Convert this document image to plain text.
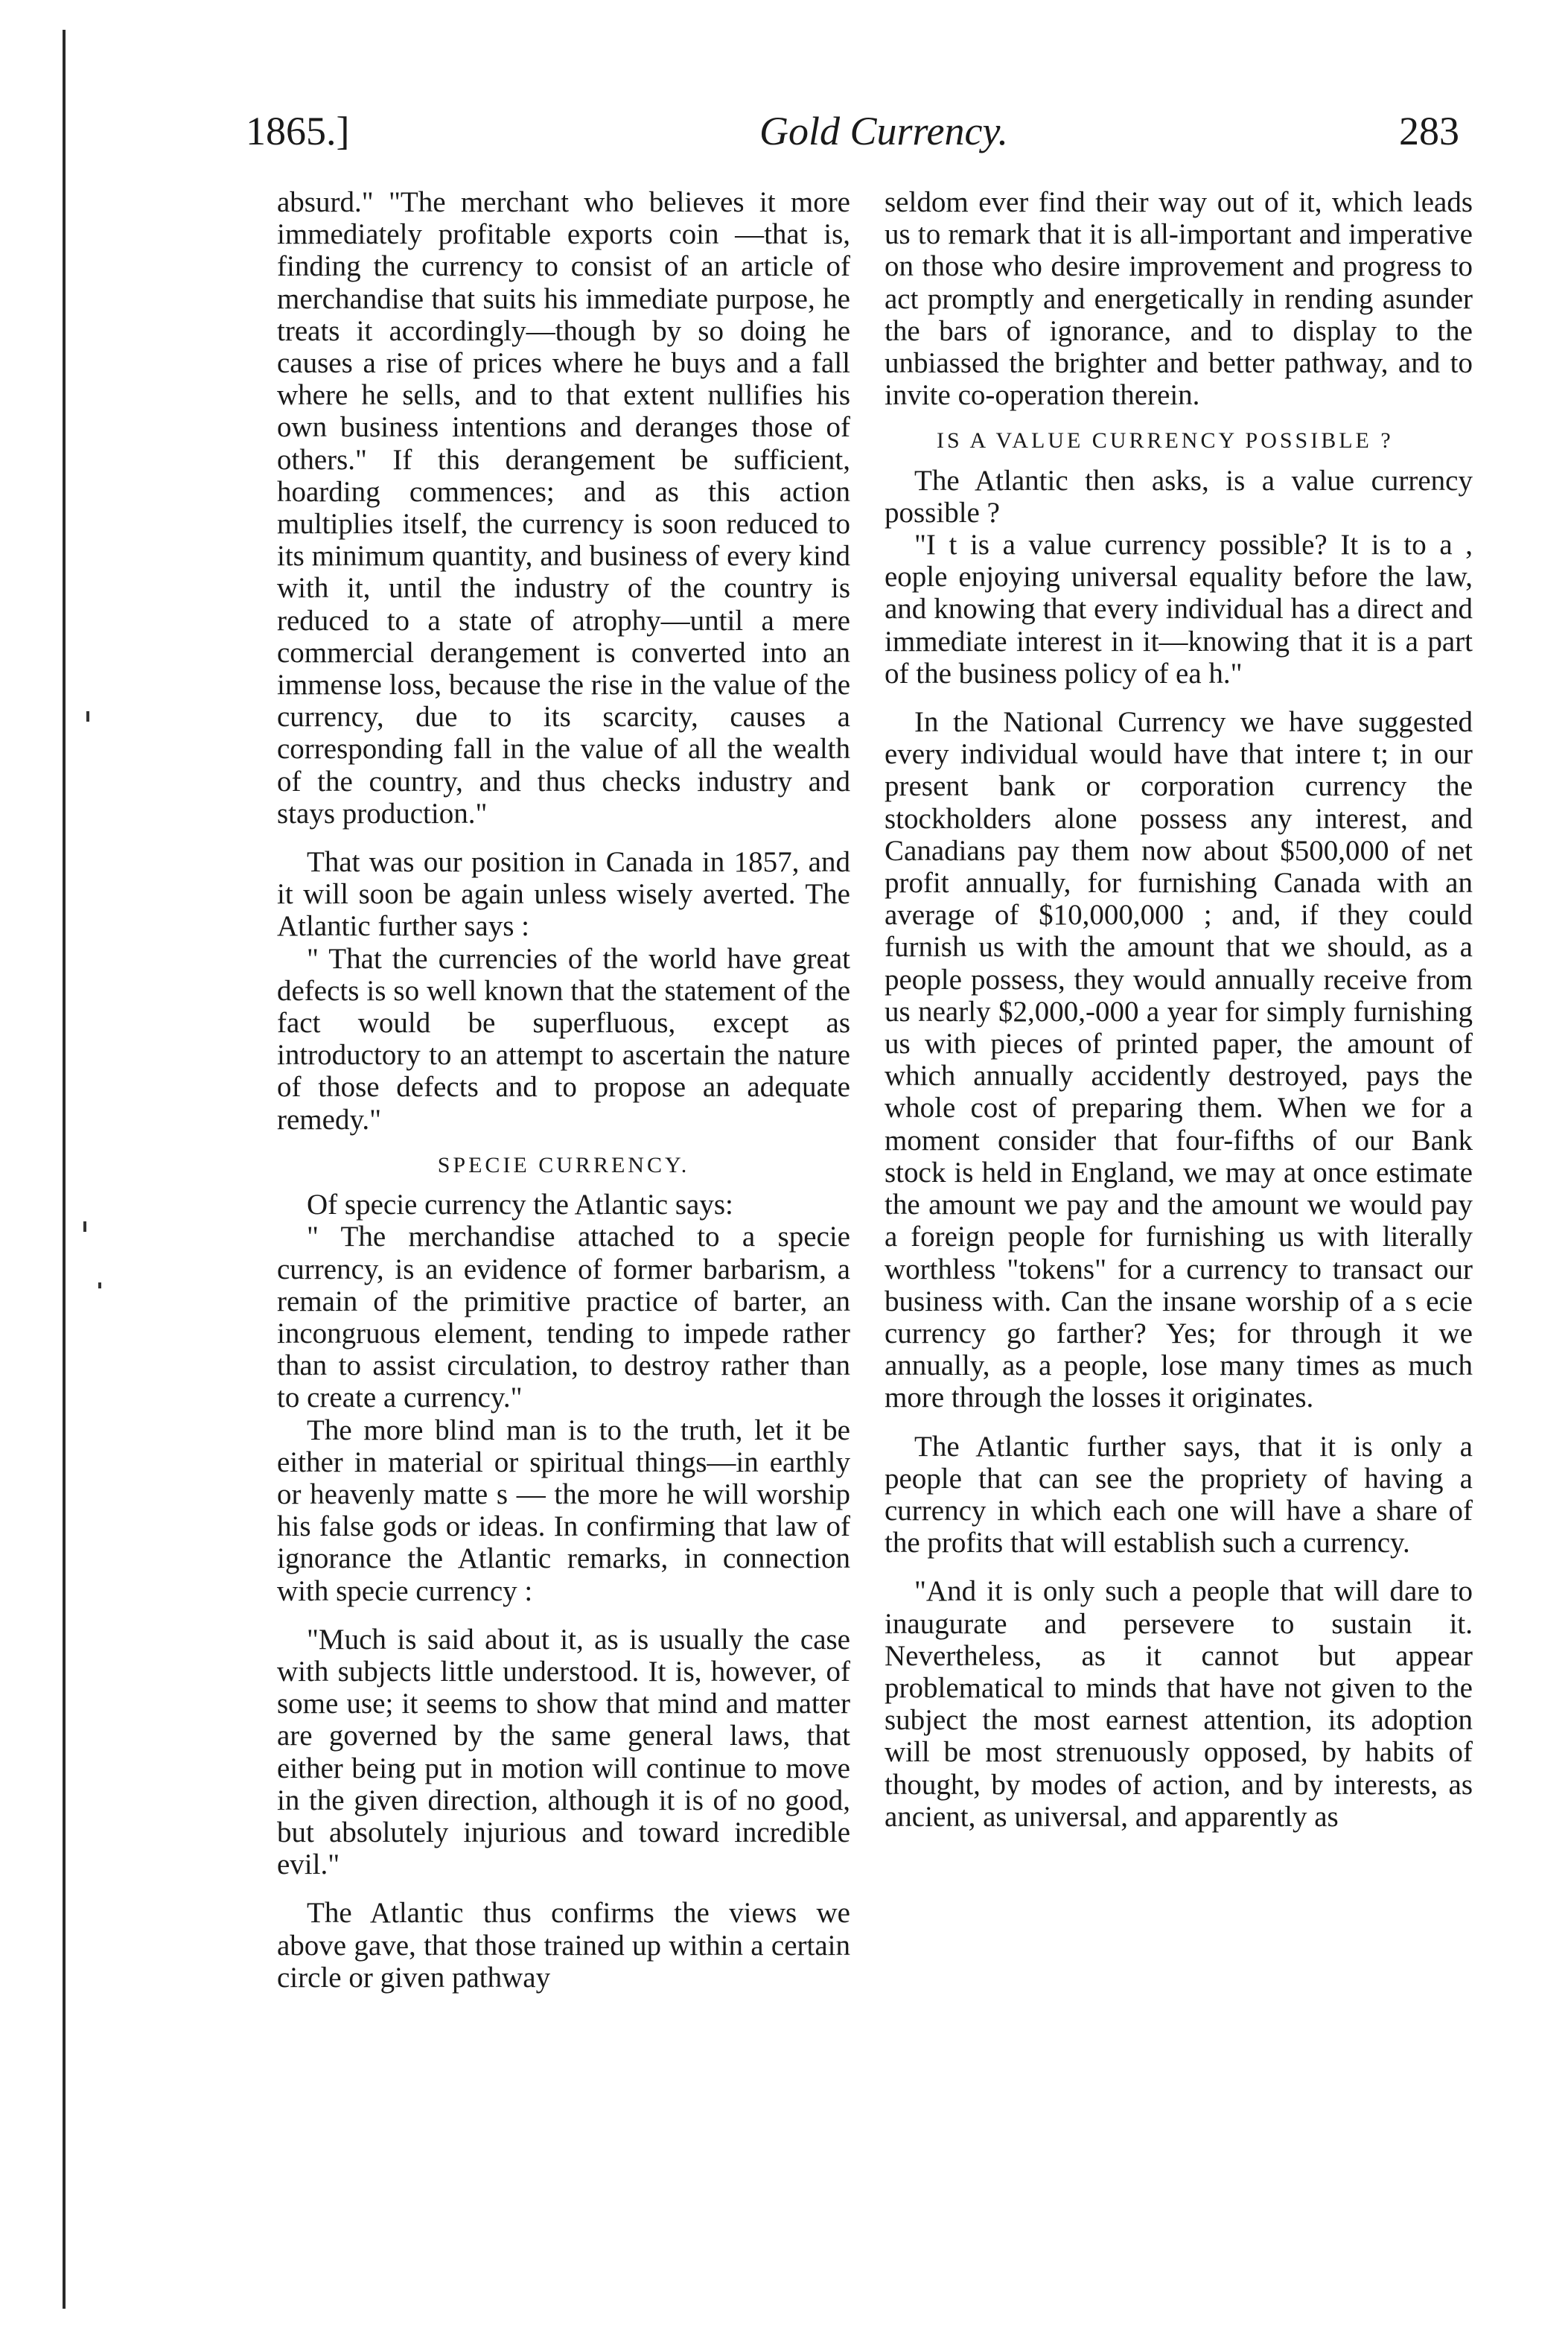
1865.]	Gold Currency.	283

absurd." "The merchant who believes it more immediately profitable exports coin —that is, finding the currency to consist of an article of merchandise that suits his immediate purpose, he treats it accordingly—though by so doing he causes a rise of prices where he buys and a fall where he sells, and to that extent nullifies his own business intentions and deranges those of others." If this derangement be sufficient, hoarding commences; and as this action multiplies itself, the currency is soon reduced to its minimum quantity, and business of every kind with it, until the industry of the country is reduced to a state of atrophy—until a mere commercial derangement is converted into an immense loss, because the rise in the value of the currency, due to its scarcity, causes a corresponding fall in the value of all the wealth of the country, and thus checks industry and stays production."

That was our position in Canada in 1857, and it will soon be again unless wisely averted. The Atlantic further says :

" That the currencies of the world have great defects is so well known that the statement of the fact would be superfluous, except as introductory to an attempt to ascertain the nature of those defects and to propose an adequate remedy."

SPECIE CURRENCY.

Of specie currency the Atlantic says:

" The merchandise attached to a specie currency, is an evidence of former barbarism, a remain of the primitive practice of barter, an incongruous element, tending to impede rather than to assist circulation, to destroy rather than to create a currency."

The more blind man is to the truth, let it be either in material or spiritual things—in earthly or heavenly matte s — the more he will worship his false gods or ideas. In confirming that law of ignorance the Atlantic remarks, in connection with specie currency :

"Much is said about it, as is usually the case with subjects little understood. It is, however, of some use; it seems to show that mind and matter are governed by the same general laws, that either being put in motion will continue to move in the given direction, although it is of no good, but absolutely injurious and toward incredible evil."

The Atlantic thus confirms the views we above gave, that those trained up within a certain circle or given pathway

seldom ever find their way out of it, which leads us to remark that it is all-important and imperative on those who desire improvement and progress to act promptly and energetically in rending asunder the bars of ignorance, and to display to the unbiassed the brighter and better pathway, and to invite co-operation therein.

IS A VALUE CURRENCY POSSIBLE ?

The Atlantic then asks, is a value currency possible ?

"I t is a value currency possible? It is to a , eople enjoying universal equality before the law, and knowing that every individual has a direct and immediate interest in it—knowing that it is a part of the business policy of ea h."

In the National Currency we have suggested every individual would have that intere t; in our present bank or corporation currency the stockholders alone possess any interest, and Canadians pay them now about $500,000 of net profit annually, for furnishing Canada with an average of $10,000,000 ; and, if they could furnish us with the amount that we should, as a people possess, they would annually receive from us nearly $2,000,-000 a year for simply furnishing us with pieces of printed paper, the amount of which annually accidently destroyed, pays the whole cost of preparing them. When we for a moment consider that four-fifths of our Bank stock is held in England, we may at once estimate the amount we pay and the amount we would pay a foreign people for furnishing us with literally worthless "tokens" for a currency to transact our business with. Can the insane worship of a s ecie currency go farther? Yes; for through it we annually, as a people, lose many times as much more through the losses it originates.

The Atlantic further says, that it is only a people that can see the propriety of having a currency in which each one will have a share of the profits that will establish such a currency.

"And it is only such a people that will dare to inaugurate and persevere to sustain it. Nevertheless, as it cannot but appear problematical to minds that have not given to the subject the most earnest attention, its adoption will be most strenuously opposed, by habits of thought, by modes of action, and by interests, as ancient, as universal, and apparently as
